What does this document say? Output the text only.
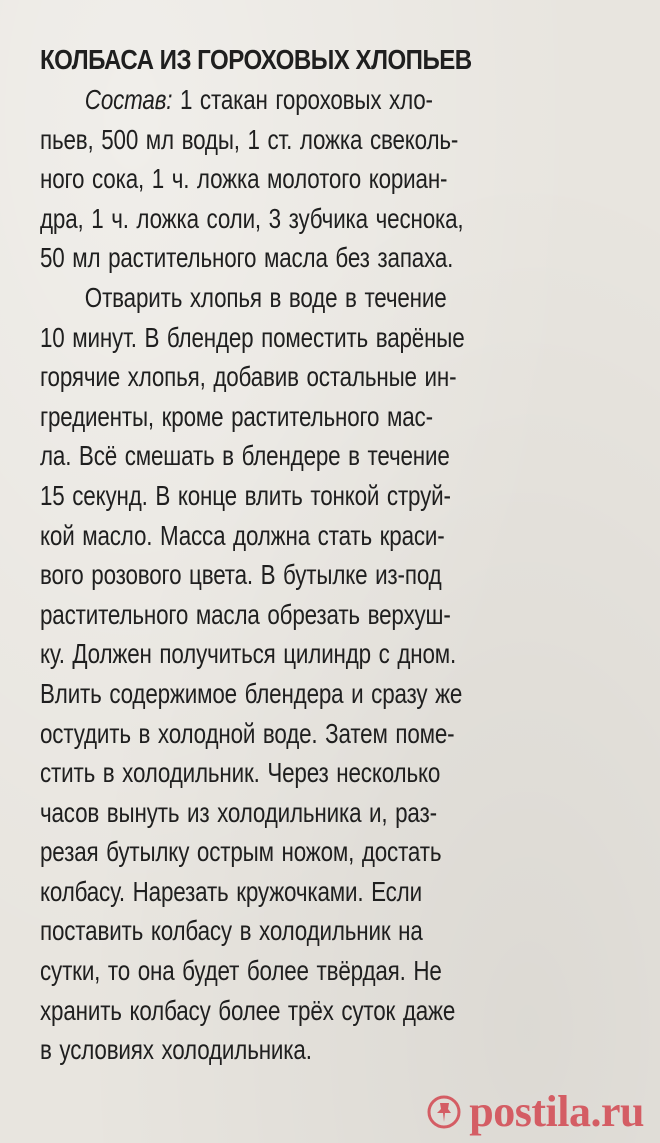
КОЛБАСА ИЗ ГОРОХОВЫХ ХЛОПЬЕВ
Состав: 1 стакан гороховых хло-
пьев, 500 мл воды, 1 ст. ложка свеколь-
ного сока, 1 ч. ложка молотого кориан-
дра, 1 ч. ложка соли, 3 зубчика чеснока,
50 мл растительного масла без запаха.
Отварить хлопья в воде в течение
10 минут. В блендер поместить варёные
горячие хлопья, добавив остальные ин-
гредиенты, кроме растительного мас-
ла. Всё смешать в блендере в течение
15 секунд. В конце влить тонкой струй-
кой масло. Масса должна стать краси-
вого розового цвета. В бутылке из-под
растительного масла обрезать верхуш-
ку. Должен получиться цилиндр с дном.
Влить содержимое блендера и сразу же
остудить в холодной воде. Затем поме-
стить в холодильник. Через несколько
часов вынуть из холодильника и, раз-
резая бутылку острым ножом, достать
колбасу. Нарезать кружочками. Если
поставить колбасу в холодильник на
сутки, то она будет более твёрдая. Не
хранить колбасу более трёх суток даже
в условиях холодильника.
postila.ru
